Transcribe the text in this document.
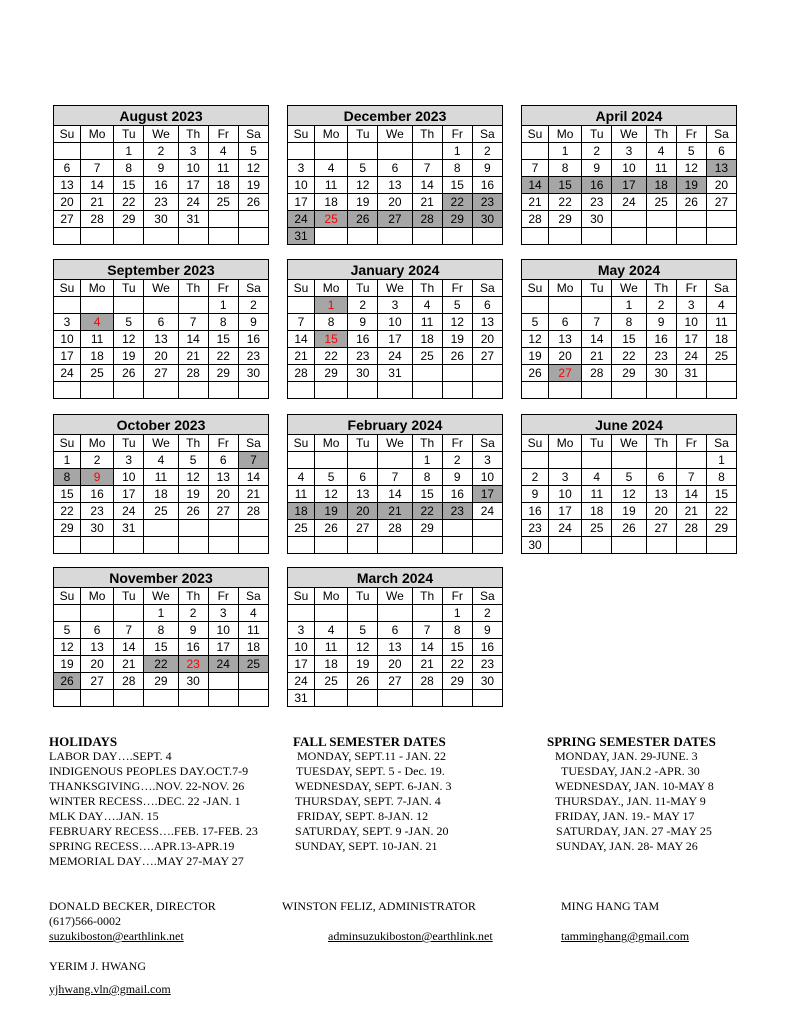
August 2023						
Su	Mo	Tu	We	Th	Fr	Sa
		1	2	3	4	5
6	7	8	9	10	11	12
13	14	15	16	17	18	19
20	21	22	23	24	25	26
27	28	29	30	31		

December 2023						
Su	Mo	Tu	We	Th	Fr	Sa
					1	2
3	4	5	6	7	8	9
10	11	12	13	14	15	16
17	18	19	20	21	22	23
24	25	26	27	28	29	30
31						
April 2024						
Su	Mo	Tu	We	Th	Fr	Sa
	1	2	3	4	5	6
7	8	9	10	11	12	13
14	15	16	17	18	19	20
21	22	23	24	25	26	27
28	29	30				

September 2023						
Su	Mo	Tu	We	Th	Fr	Sa
					1	2
3	4	5	6	7	8	9
10	11	12	13	14	15	16
17	18	19	20	21	22	23
24	25	26	27	28	29	30

January 2024						
Su	Mo	Tu	We	Th	Fr	Sa
	1	2	3	4	5	6
7	8	9	10	11	12	13
14	15	16	17	18	19	20
21	22	23	24	25	26	27
28	29	30	31			

May 2024						
Su	Mo	Tu	We	Th	Fr	Sa
			1	2	3	4
5	6	7	8	9	10	11
12	13	14	15	16	17	18
19	20	21	22	23	24	25
26	27	28	29	30	31	

October 2023						
Su	Mo	Tu	We	Th	Fr	Sa
1	2	3	4	5	6	7
8	9	10	11	12	13	14
15	16	17	18	19	20	21
22	23	24	25	26	27	28
29	30	31				

February 2024						
Su	Mo	Tu	We	Th	Fr	Sa
				1	2	3
4	5	6	7	8	9	10
11	12	13	14	15	16	17
18	19	20	21	22	23	24
25	26	27	28	29		

June 2024						
Su	Mo	Tu	We	Th	Fr	Sa
						1
2	3	4	5	6	7	8
9	10	11	12	13	14	15
16	17	18	19	20	21	22
23	24	25	26	27	28	29
30						
November 2023						
Su	Mo	Tu	We	Th	Fr	Sa
			1	2	3	4
5	6	7	8	9	10	11
12	13	14	15	16	17	18
19	20	21	22	23	24	25
26	27	28	29	30		

March 2024						
Su	Mo	Tu	We	Th	Fr	Sa
					1	2
3	4	5	6	7	8	9
10	11	12	13	14	15	16
17	18	19	20	21	22	23
24	25	26	27	28	29	30
31						
HOLIDAYS
LABOR DAY….SEPT. 4
INDIGENOUS PEOPLES DAY.OCT.7-9
THANKSGIVING….NOV. 22-NOV. 26
WINTER RECESS….DEC. 22 -JAN. 1
MLK DAY….JAN. 15
FEBRUARY RECESS….FEB. 17-FEB. 23
SPRING RECESS….APR.13-APR.19
MEMORIAL DAY….MAY 27-MAY 27
FALL SEMESTER DATES
MONDAY, SEPT.11 - JAN. 22
TUESDAY, SEPT. 5 - Dec. 19.
WEDNESDAY, SEPT. 6-JAN. 3
THURSDAY, SEPT. 7-JAN. 4
FRIDAY, SEPT. 8-JAN. 12
SATURDAY, SEPT. 9 -JAN. 20
SUNDAY, SEPT. 10-JAN. 21
SPRING SEMESTER DATES
MONDAY, JAN. 29-JUNE. 3
TUESDAY, JAN.2 -APR. 30
WEDNESDAY, JAN. 10-MAY 8
THURSDAY., JAN. 11-MAY 9
FRIDAY, JAN. 19.- MAY 17
SATURDAY, JAN. 27 -MAY 25
SUNDAY, JAN. 28- MAY 26
DONALD BECKER, DIRECTOR
(617)566-0002
suzukiboston@earthlink.net
WINSTON FELIZ, ADMINISTRATOR
adminsuzukiboston@earthlink.net
MING HANG TAM
tamminghang@gmail.com
YERIM J. HWANG
yjhwang.vln@gmail.com
